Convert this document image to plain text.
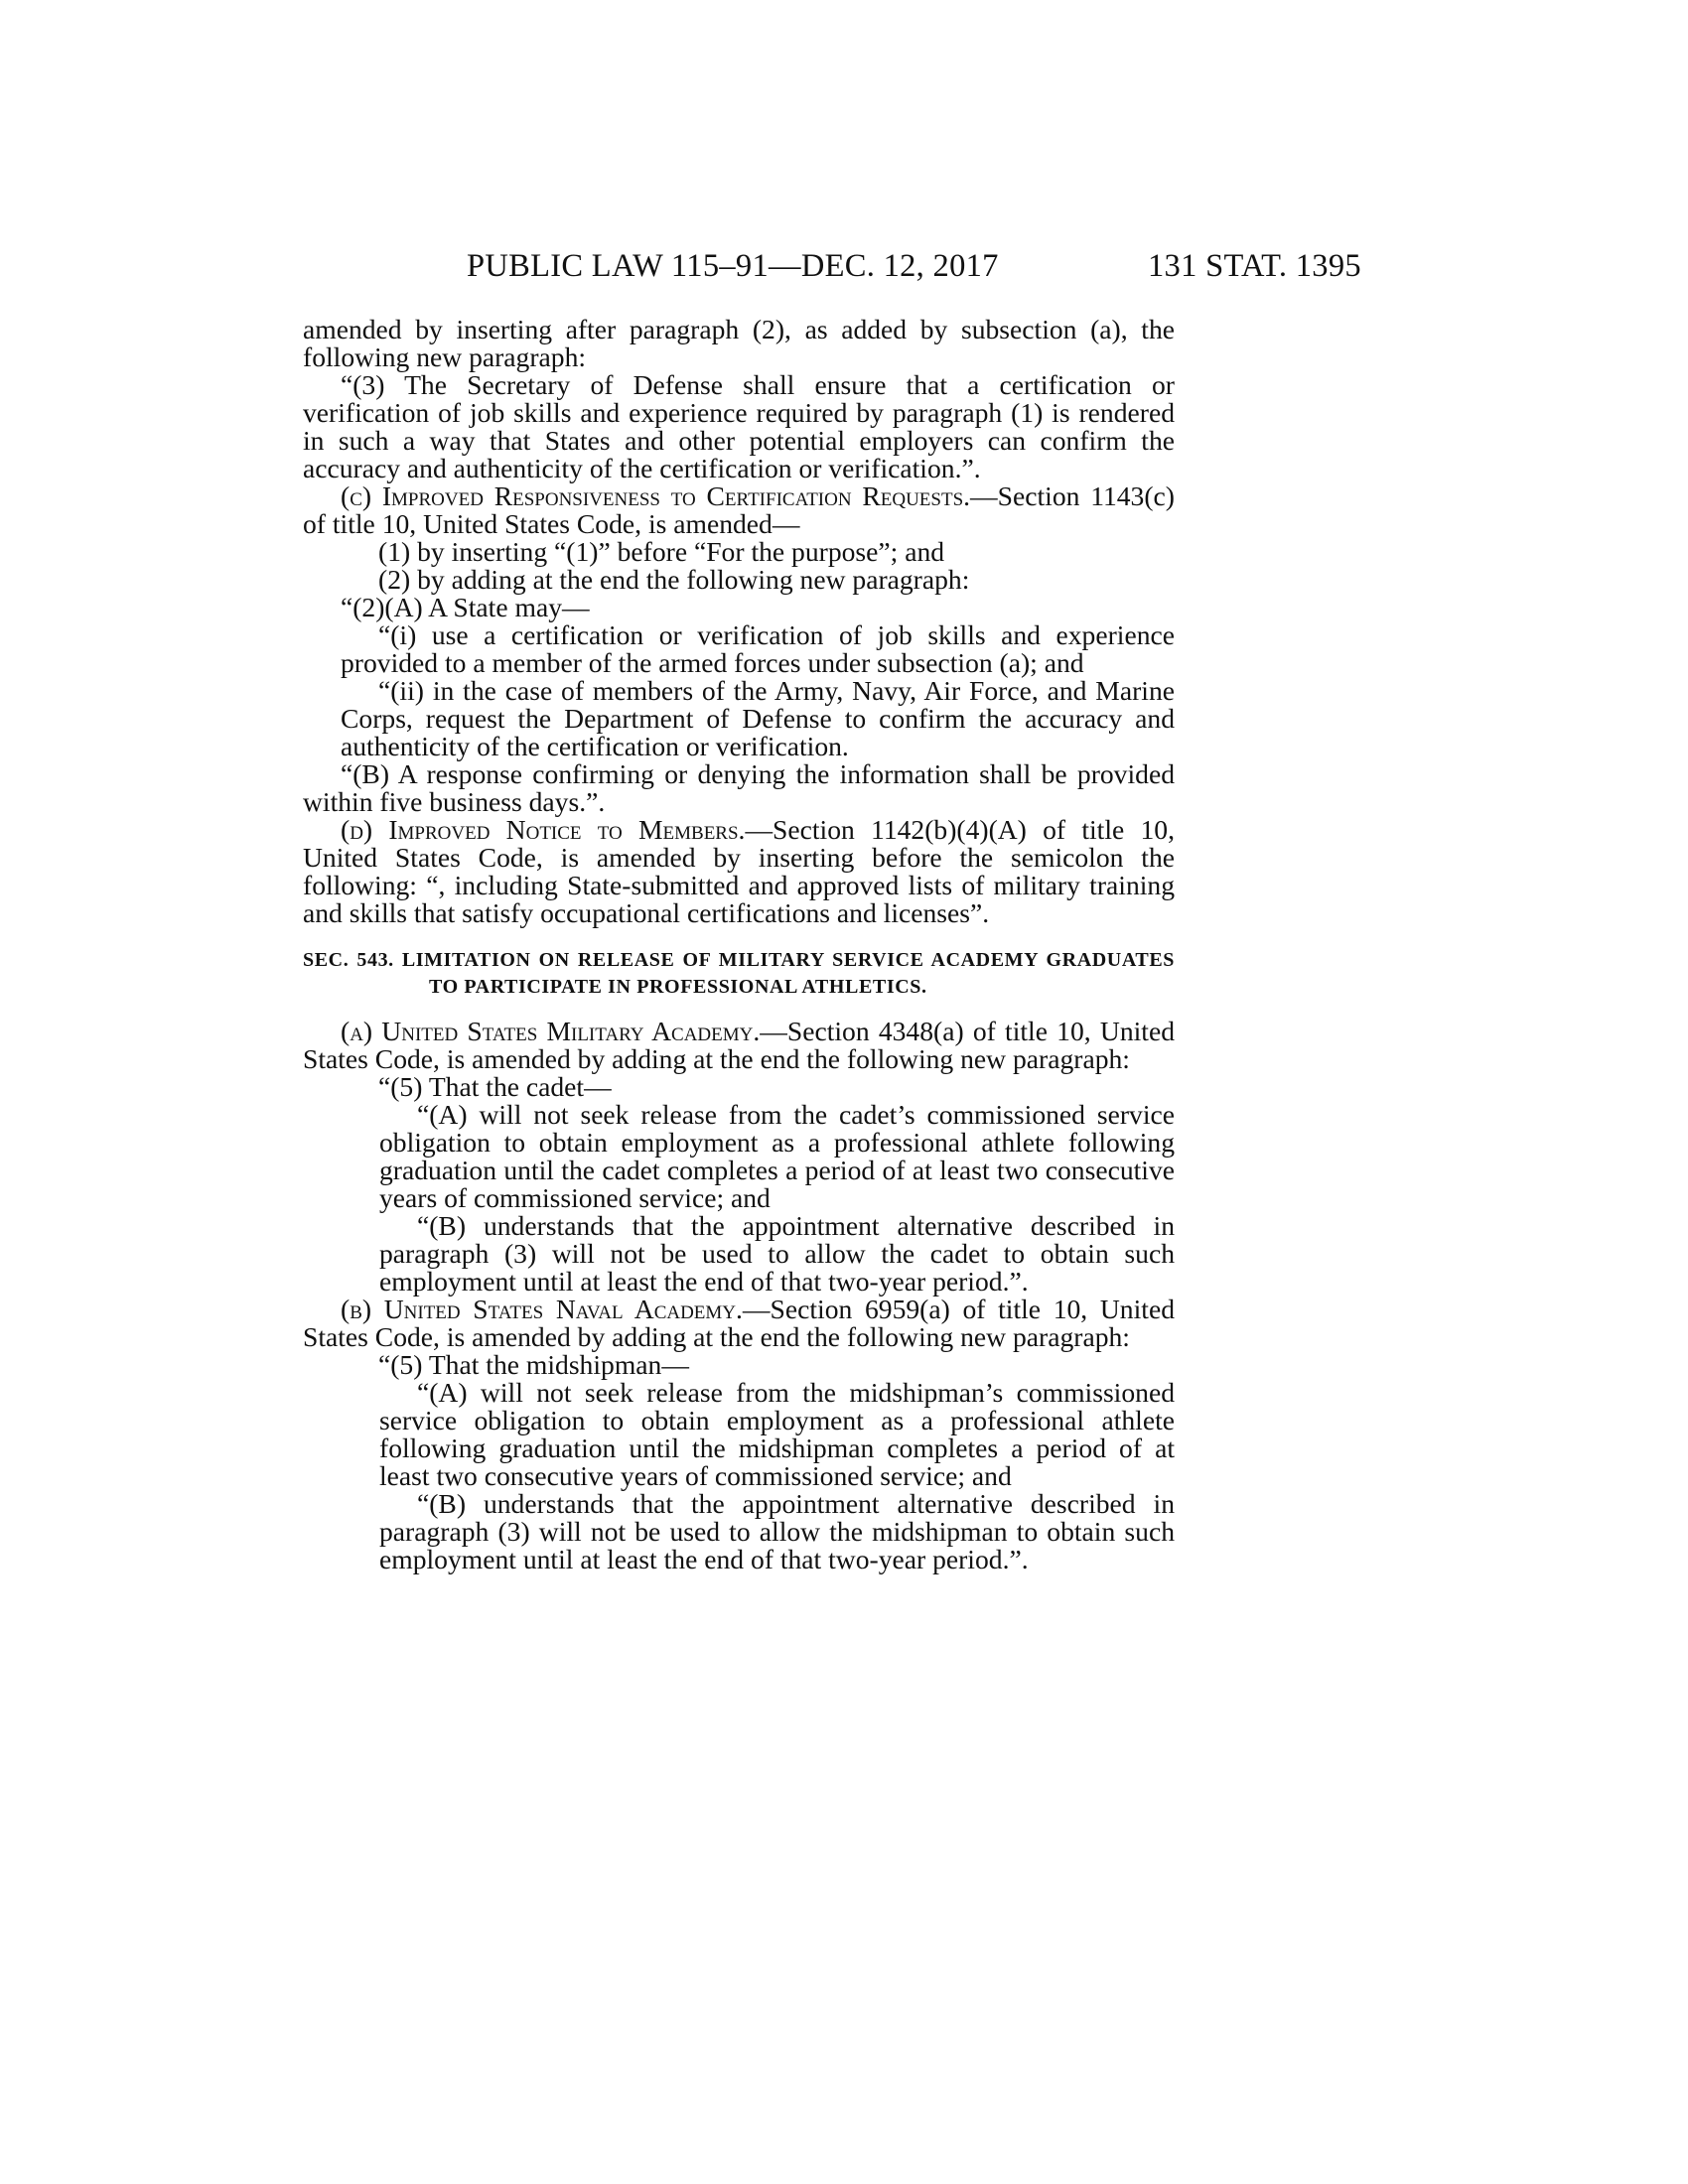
PUBLIC LAW 115–91—DEC. 12, 2017	131 STAT. 1395

amended by inserting after paragraph (2), as added by subsection (a), the following new paragraph:

“(3) The Secretary of Defense shall ensure that a certification or verification of job skills and experience required by paragraph (1) is rendered in such a way that States and other potential employers can confirm the accuracy and authenticity of the certification or verification.”.

(c) Improved Responsiveness to Certification Requests.—Section 1143(c) of title 10, United States Code, is amended—

(1) by inserting “(1)” before “For the purpose”; and

(2) by adding at the end the following new paragraph:

“(2)(A) A State may—

“(i) use a certification or verification of job skills and experience provided to a member of the armed forces under subsection (a); and

“(ii) in the case of members of the Army, Navy, Air Force, and Marine Corps, request the Department of Defense to confirm the accuracy and authenticity of the certification or verification.

“(B) A response confirming or denying the information shall be provided within five business days.”.

(d) Improved Notice to Members.—Section 1142(b)(4)(A) of title 10, United States Code, is amended by inserting before the semicolon the following: “, including State-submitted and approved lists of military training and skills that satisfy occupational certifications and licenses”.

SEC. 543. LIMITATION ON RELEASE OF MILITARY SERVICE ACADEMY GRADUATES TO PARTICIPATE IN PROFESSIONAL ATHLETICS.

(a) United States Military Academy.—Section 4348(a) of title 10, United States Code, is amended by adding at the end the following new paragraph:

“(5) That the cadet—

“(A) will not seek release from the cadet’s commissioned service obligation to obtain employment as a professional athlete following graduation until the cadet completes a period of at least two consecutive years of commissioned service; and

“(B) understands that the appointment alternative described in paragraph (3) will not be used to allow the cadet to obtain such employment until at least the end of that two-year period.”.

(b) United States Naval Academy.—Section 6959(a) of title 10, United States Code, is amended by adding at the end the following new paragraph:

“(5) That the midshipman—

“(A) will not seek release from the midshipman’s commissioned service obligation to obtain employment as a professional athlete following graduation until the midshipman completes a period of at least two consecutive years of commissioned service; and

“(B) understands that the appointment alternative described in paragraph (3) will not be used to allow the midshipman to obtain such employment until at least the end of that two-year period.”.
